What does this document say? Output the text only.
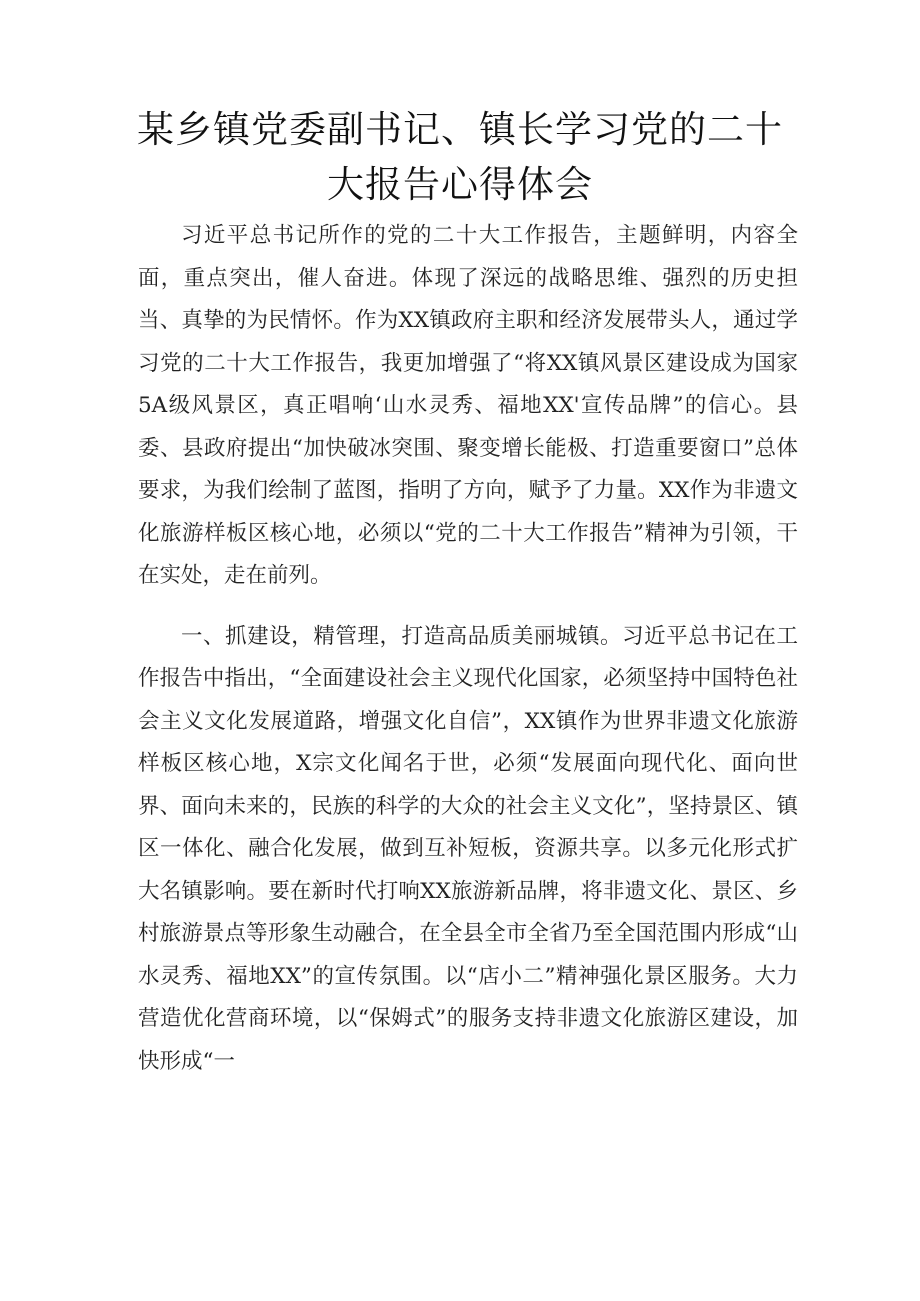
某乡镇党委副书记、镇长学习党的二十
大报告心得体会

习近平总书记所作的党的二十大工作报告，主题鲜明，内容全面，重点突出，催人奋进。体现了深远的战略思维、强烈的历史担当、真挚的为民情怀。作为XX镇政府主职和经济发展带头人，通过学习党的二十大工作报告，我更加增强了“将XX镇风景区建设成为国家5A级风景区，真正唱响‘山水灵秀、福地XX'宣传品牌”的信心。县委、县政府提出“加快破冰突围、聚变增长能极、打造重要窗口”总体要求，为我们绘制了蓝图，指明了方向，赋予了力量。XX作为非遗文化旅游样板区核心地，必须以“党的二十大工作报告”精神为引领，干在实处，走在前列。

一、抓建设，精管理，打造高品质美丽城镇。习近平总书记在工作报告中指出，“全面建设社会主义现代化国家，必须坚持中国特色社会主义文化发展道路，增强文化自信”，XX镇作为世界非遗文化旅游样板区核心地，X宗文化闻名于世，必须“发展面向现代化、面向世界、面向未来的，民族的科学的大众的社会主义文化”，坚持景区、镇区一体化、融合化发展，做到互补短板，资源共享。以多元化形式扩大名镇影响。要在新时代打响XX旅游新品牌，将非遗文化、景区、乡村旅游景点等形象生动融合，在全县全市全省乃至全国范围内形成“山水灵秀、福地XX”的宣传氛围。以“店小二”精神强化景区服务。大力营造优化营商环境，以“保姆式”的服务支持非遗文化旅游区建设，加快形成“一
